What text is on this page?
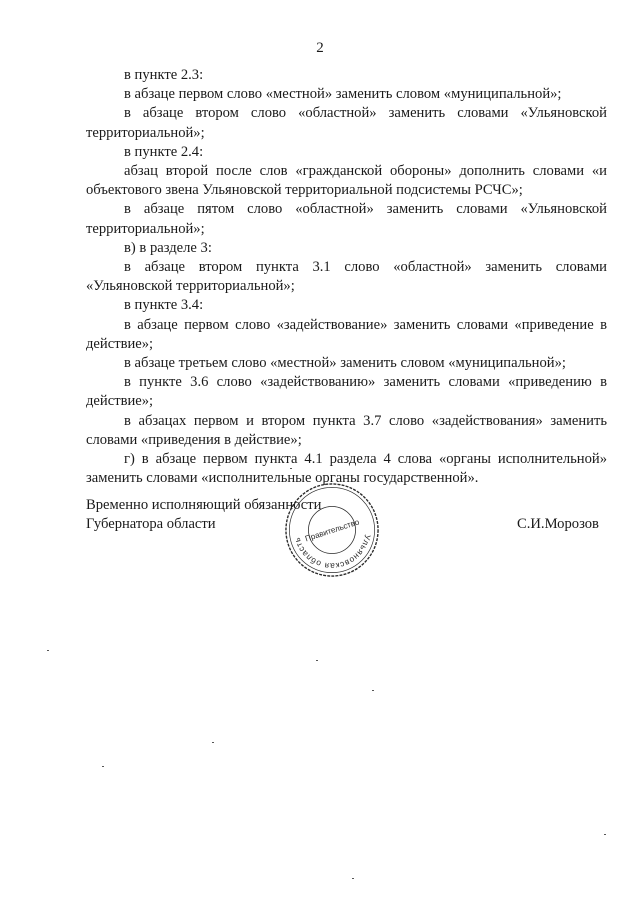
2

в пункте 2.3:

в абзаце первом слово «местной» заменить словом «муниципальной»;

в абзаце втором слово «областной» заменить словами «Ульяновской территориальной»;

в пункте 2.4:

абзац второй после слов «гражданской обороны» дополнить словами «и объектового звена Ульяновской территориальной подсистемы РСЧС»;

в абзаце пятом слово «областной» заменить словами «Ульяновской территориальной»;

в) в разделе 3:

в абзаце втором пункта 3.1 слово «областной» заменить словами «Ульяновской территориальной»;

в пункте 3.4:

в абзаце первом слово «задействование» заменить словами «приведение в действие»;

в абзаце третьем слово «местной» заменить словом «муниципальной»;

в пункте 3.6 слово «задействованию» заменить словами «приведению в действие»;

в абзацах первом и втором пункта 3.7 слово «задействования» заменить словами «приведения в действие»;

г) в абзаце первом пункта 4.1 раздела 4 слова «органы исполнительной» заменить словами «исполнительные органы государственной».

Временно исполняющий обязанности
Губернатора области	С.И.Морозов
Ульяновская область Правительство
